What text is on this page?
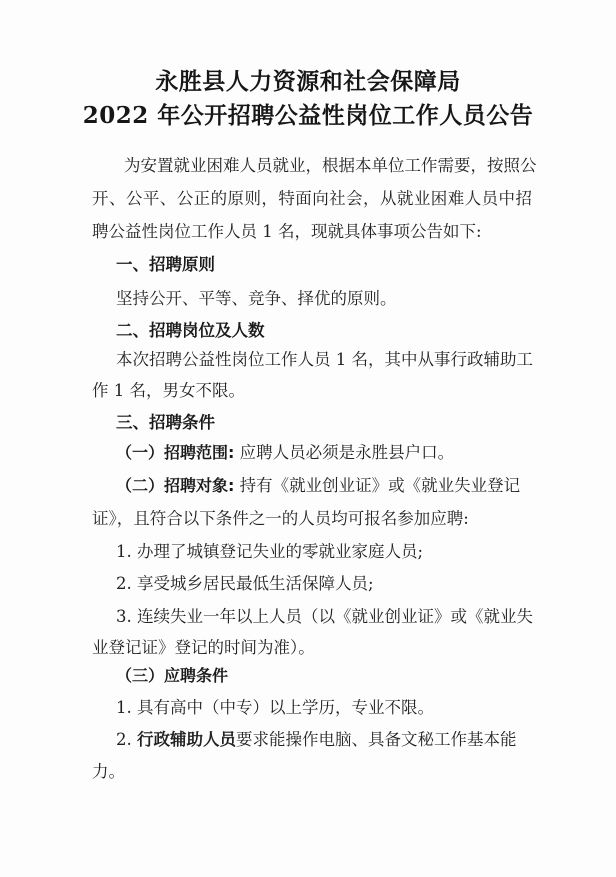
永胜县人力资源和社会保障局
2022 年公开招聘公益性岗位工作人员公告
为安置就业困难人员就业，根据本单位工作需要，按照公
开、公平、公正的原则，特面向社会，从就业困难人员中招
聘公益性岗位工作人员 1 名，现就具体事项公告如下:
一、招聘原则
坚持公开、平等、竞争、择优的原则。
二、招聘岗位及人数
本次招聘公益性岗位工作人员 1 名，其中从事行政辅助工
作 1 名，男女不限。
三、招聘条件
（一）招聘范围: 应聘人员必须是永胜县户口。
（二）招聘对象: 持有《就业创业证》或《就业失业登记
证》，且符合以下条件之一的人员均可报名参加应聘:
1. 办理了城镇登记失业的零就业家庭人员;
2. 享受城乡居民最低生活保障人员;
3. 连续失业一年以上人员（以《就业创业证》或《就业失
业登记证》登记的时间为准）。
（三）应聘条件
1. 具有高中（中专）以上学历，专业不限。
2. 行政辅助人员要求能操作电脑、具备文秘工作基本能
力。
